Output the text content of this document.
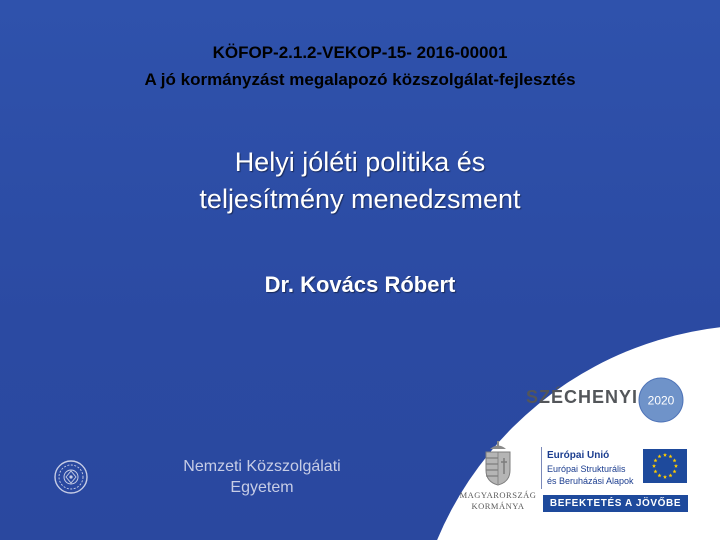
KÖFOP-2.1.2-VEKOP-15- 2016-00001
A jó kormányzást megalapozó közszolgálat-fejlesztés
Helyi jóléti politika és
teljesítmény menedzsment
Dr. Kovács Róbert
Nemzeti Közszolgálati
Egyetem
SZÉCHENYI 2020
MAGYARORSZÁG
KORMÁNYA
Európai Unió
Európai Strukturális
és Beruházási Alapok
BEFEKTETÉS A JÖVŐBE
